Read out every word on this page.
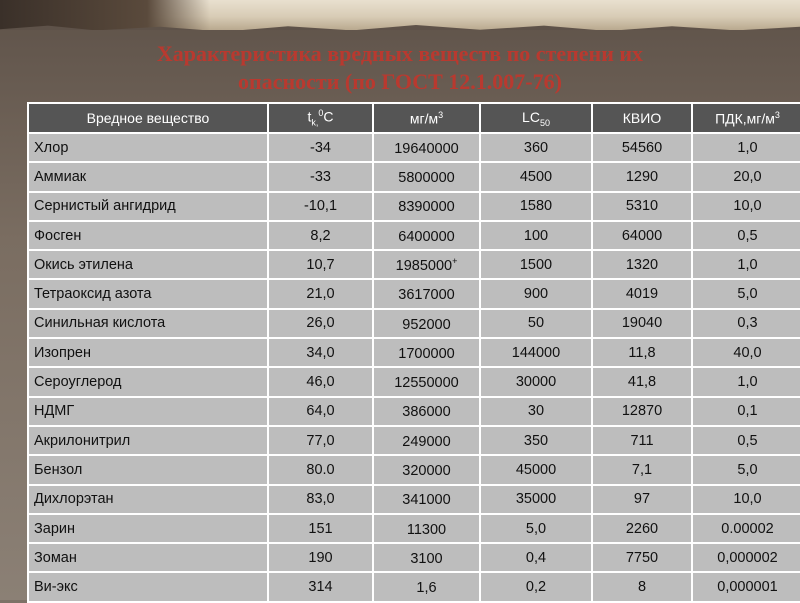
Характеристика вредных веществ по степени их
опасности (по ГОСТ 12.1.007-76)
Вредное вещество	$t_{k,}^0С$	$мг/м^3$	$LC_{50}$	КВИО	$ПДК,мг/м^3$
Хлор	-34	19640000	360	54560	1,0
Аммиак	-33	5800000	4500	1290	20,0
Сернистый ангидрид	-10,1	8390000	1580	5310	10,0
Фосген	8,2	6400000	100	64000	0,5
Окись этилена	10,7	1985000+	1500	1320	1,0
Тетраоксид азота	21,0	3617000	900	4019	5,0
Синильная кислота	26,0	952000	50	19040	0,3
Изопрен	34,0	1700000	144000	11,8	40,0
Сероуглерод	46,0	12550000	30000	41,8	1,0
НДМГ	64,0	386000	30	12870	0,1
Акрилонитрил	77,0	249000	350	711	0,5
Бензол	80.0	320000	45000	7,1	5,0
Дихлорэтан	83,0	341000	35000	97	10,0
Зарин	151	11300	5,0	2260	0.00002
Зоман	190	3100	0,4	7750	0,000002
Ви-экс	314	1,6	0,2	8	0,000001
